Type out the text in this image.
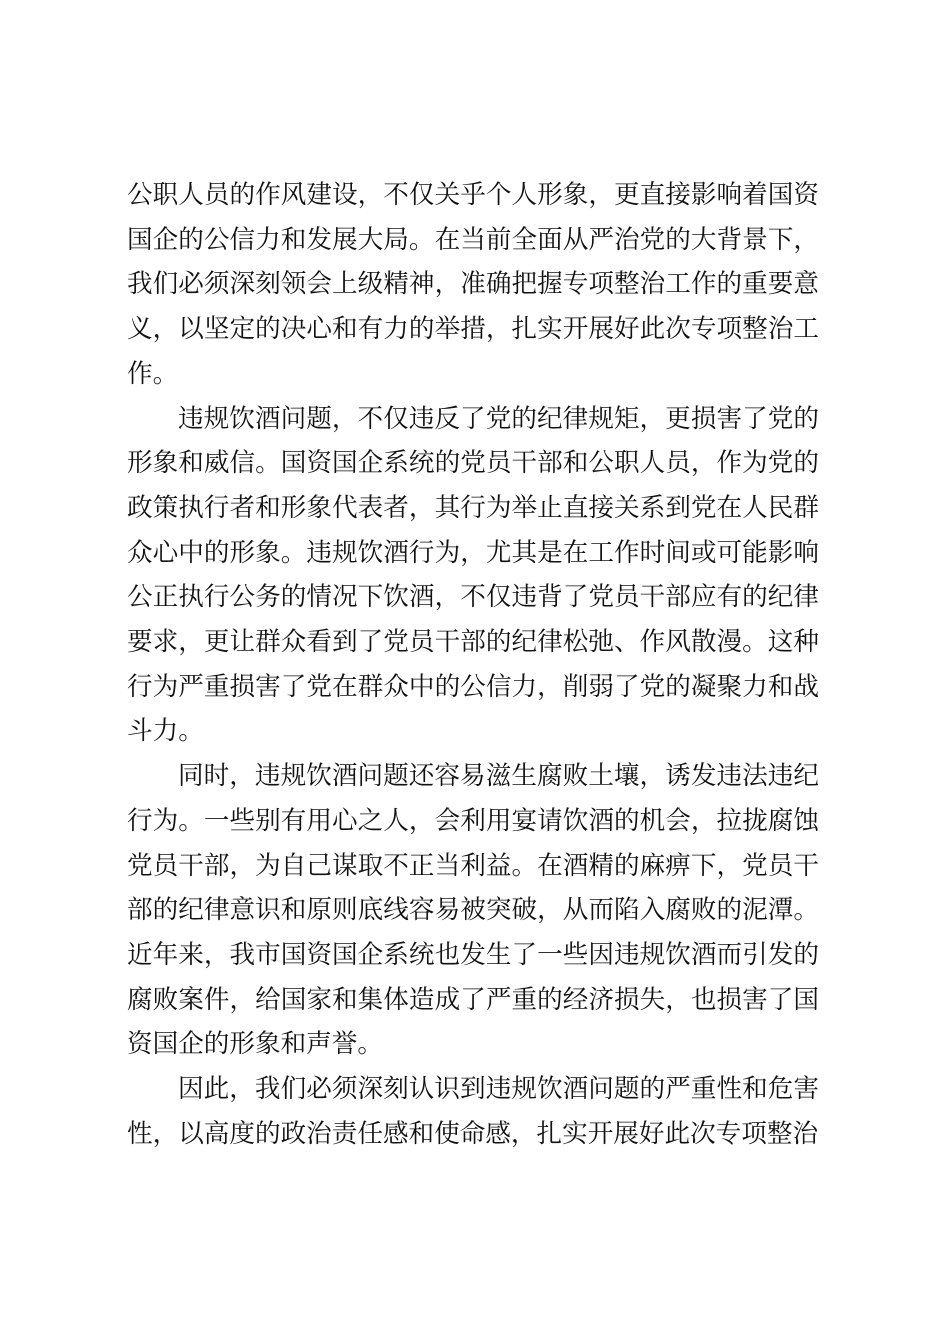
公职人员的作风建设，不仅关乎个人形象，更直接影响着国资国企的公信力和发展大局。在当前全面从严治党的大背景下，我们必须深刻领会上级精神，准确把握专项整治工作的重要意义，以坚定的决心和有力的举措，扎实开展好此次专项整治工作。

违规饮酒问题，不仅违反了党的纪律规矩，更损害了党的形象和威信。国资国企系统的党员干部和公职人员，作为党的政策执行者和形象代表者，其行为举止直接关系到党在人民群众心中的形象。违规饮酒行为，尤其是在工作时间或可能影响公正执行公务的情况下饮酒，不仅违背了党员干部应有的纪律要求，更让群众看到了党员干部的纪律松弛、作风散漫。这种行为严重损害了党在群众中的公信力，削弱了党的凝聚力和战斗力。

同时，违规饮酒问题还容易滋生腐败土壤，诱发违法违纪行为。一些别有用心之人，会利用宴请饮酒的机会，拉拢腐蚀党员干部，为自己谋取不正当利益。在酒精的麻痹下，党员干部的纪律意识和原则底线容易被突破，从而陷入腐败的泥潭。近年来，我市国资国企系统也发生了一些因违规饮酒而引发的腐败案件，给国家和集体造成了严重的经济损失，也损害了国资国企的形象和声誉。

因此，我们必须深刻认识到违规饮酒问题的严重性和危害性，以高度的政治责任感和使命感，扎实开展好此次专项整治
